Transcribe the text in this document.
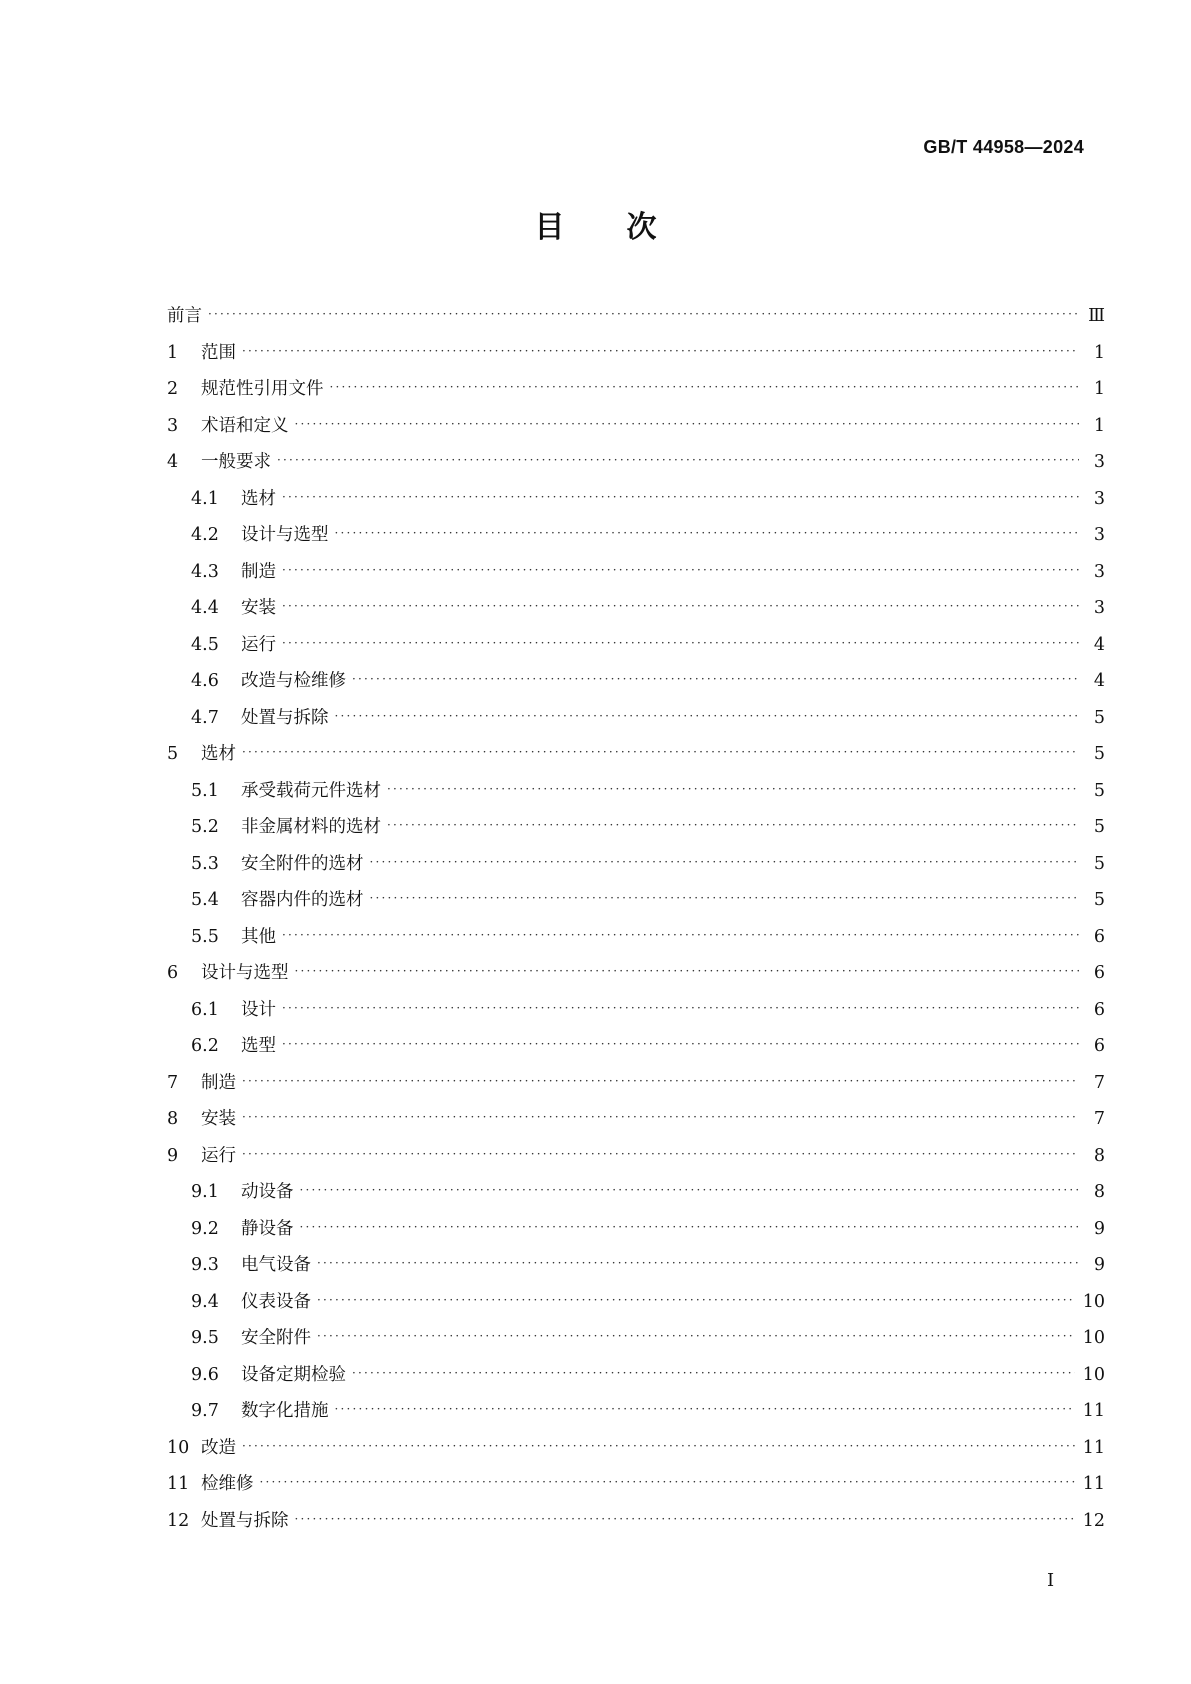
GB/T 44958—2024
目 次
前言 ·····	Ⅲ
1	范围 ·····	1
2	规范性引用文件 ·····	1
3	术语和定义 ·····	1
4	一般要求 ·····	3
4.1	选材 ·····	3
4.2	设计与选型 ·····	3
4.3	制造 ·····	3
4.4	安装 ·····	3
4.5	运行 ·····	4
4.6	改造与检维修 ·····	4
4.7	处置与拆除 ·····	5
5	选材 ·····	5
5.1	承受载荷元件选材 ·····	5
5.2	非金属材料的选材 ·····	5
5.3	安全附件的选材 ·····	5
5.4	容器内件的选材 ·····	5
5.5	其他 ·····	6
6	设计与选型 ·····	6
6.1	设计 ·····	6
6.2	选型 ·····	6
7	制造 ·····	7
8	安装 ·····	7
9	运行 ·····	8
9.1	动设备 ·····	8
9.2	静设备 ·····	9
9.3	电气设备 ·····	9
9.4	仪表设备 ·····	10
9.5	安全附件 ·····	10
9.6	设备定期检验 ·····	10
9.7	数字化措施 ·····	11
10 改造 ·····	11
11 检维修 ·····	11
12 处置与拆除 ·····	12
I
